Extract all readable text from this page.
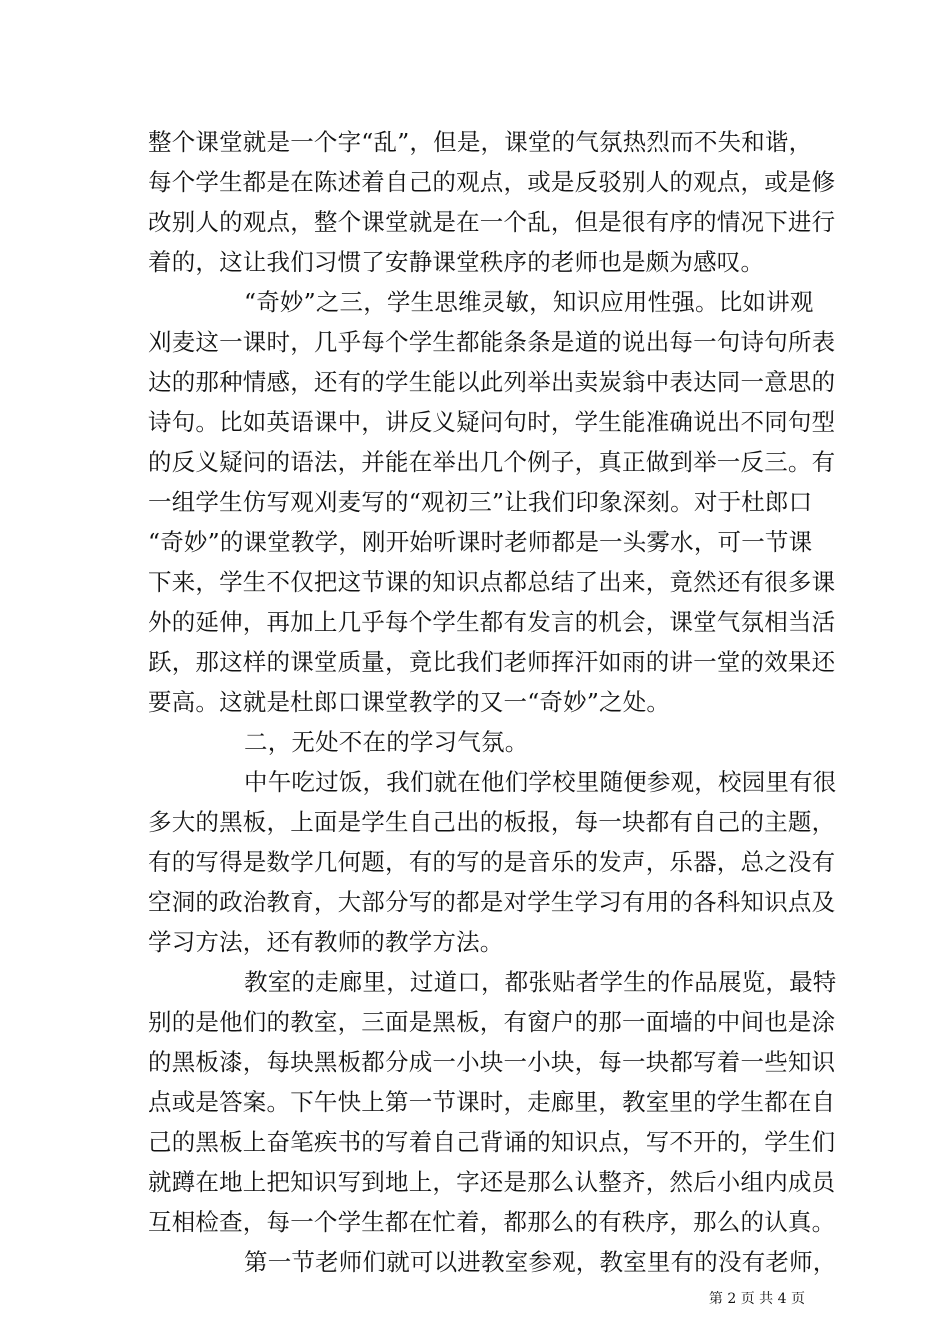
整个课堂就是一个字“乱”，但是，课堂的气氛热烈而不失和谐，
每个学生都是在陈述着自己的观点，或是反驳别人的观点，或是修
改别人的观点，整个课堂就是在一个乱，但是很有序的情况下进行
着的，这让我们习惯了安静课堂秩序的老师也是颇为感叹。
“奇妙”之三，学生思维灵敏，知识应用性强。比如讲观
刈麦这一课时，几乎每个学生都能条条是道的说出每一句诗句所表
达的那种情感，还有的学生能以此列举出卖炭翁中表达同一意思的
诗句。比如英语课中，讲反义疑问句时，学生能准确说出不同句型
的反义疑问的语法，并能在举出几个例子，真正做到举一反三。有
一组学生仿写观刈麦写的“观初三”让我们印象深刻。对于杜郎口
“奇妙”的课堂教学，刚开始听课时老师都是一头雾水，可一节课
下来，学生不仅把这节课的知识点都总结了出来，竟然还有很多课
外的延伸，再加上几乎每个学生都有发言的机会，课堂气氛相当活
跃，那这样的课堂质量，竟比我们老师挥汗如雨的讲一堂的效果还
要高。这就是杜郎口课堂教学的又一“奇妙”之处。
二，无处不在的学习气氛。
中午吃过饭，我们就在他们学校里随便参观，校园里有很
多大的黑板，上面是学生自己出的板报，每一块都有自己的主题，
有的写得是数学几何题，有的写的是音乐的发声，乐器，总之没有
空洞的政治教育，大部分写的都是对学生学习有用的各科知识点及
学习方法，还有教师的教学方法。
教室的走廊里，过道口，都张贴者学生的作品展览，最特
别的是他们的教室，三面是黑板，有窗户的那一面墙的中间也是涂
的黑板漆，每块黑板都分成一小块一小块，每一块都写着一些知识
点或是答案。下午快上第一节课时，走廊里，教室里的学生都在自
己的黑板上奋笔疾书的写着自己背诵的知识点，写不开的，学生们
就蹲在地上把知识写到地上，字还是那么认整齐，然后小组内成员
互相检查，每一个学生都在忙着，都那么的有秩序，那么的认真。
第一节老师们就可以进教室参观，教室里有的没有老师，
第 2 页 共 4 页
